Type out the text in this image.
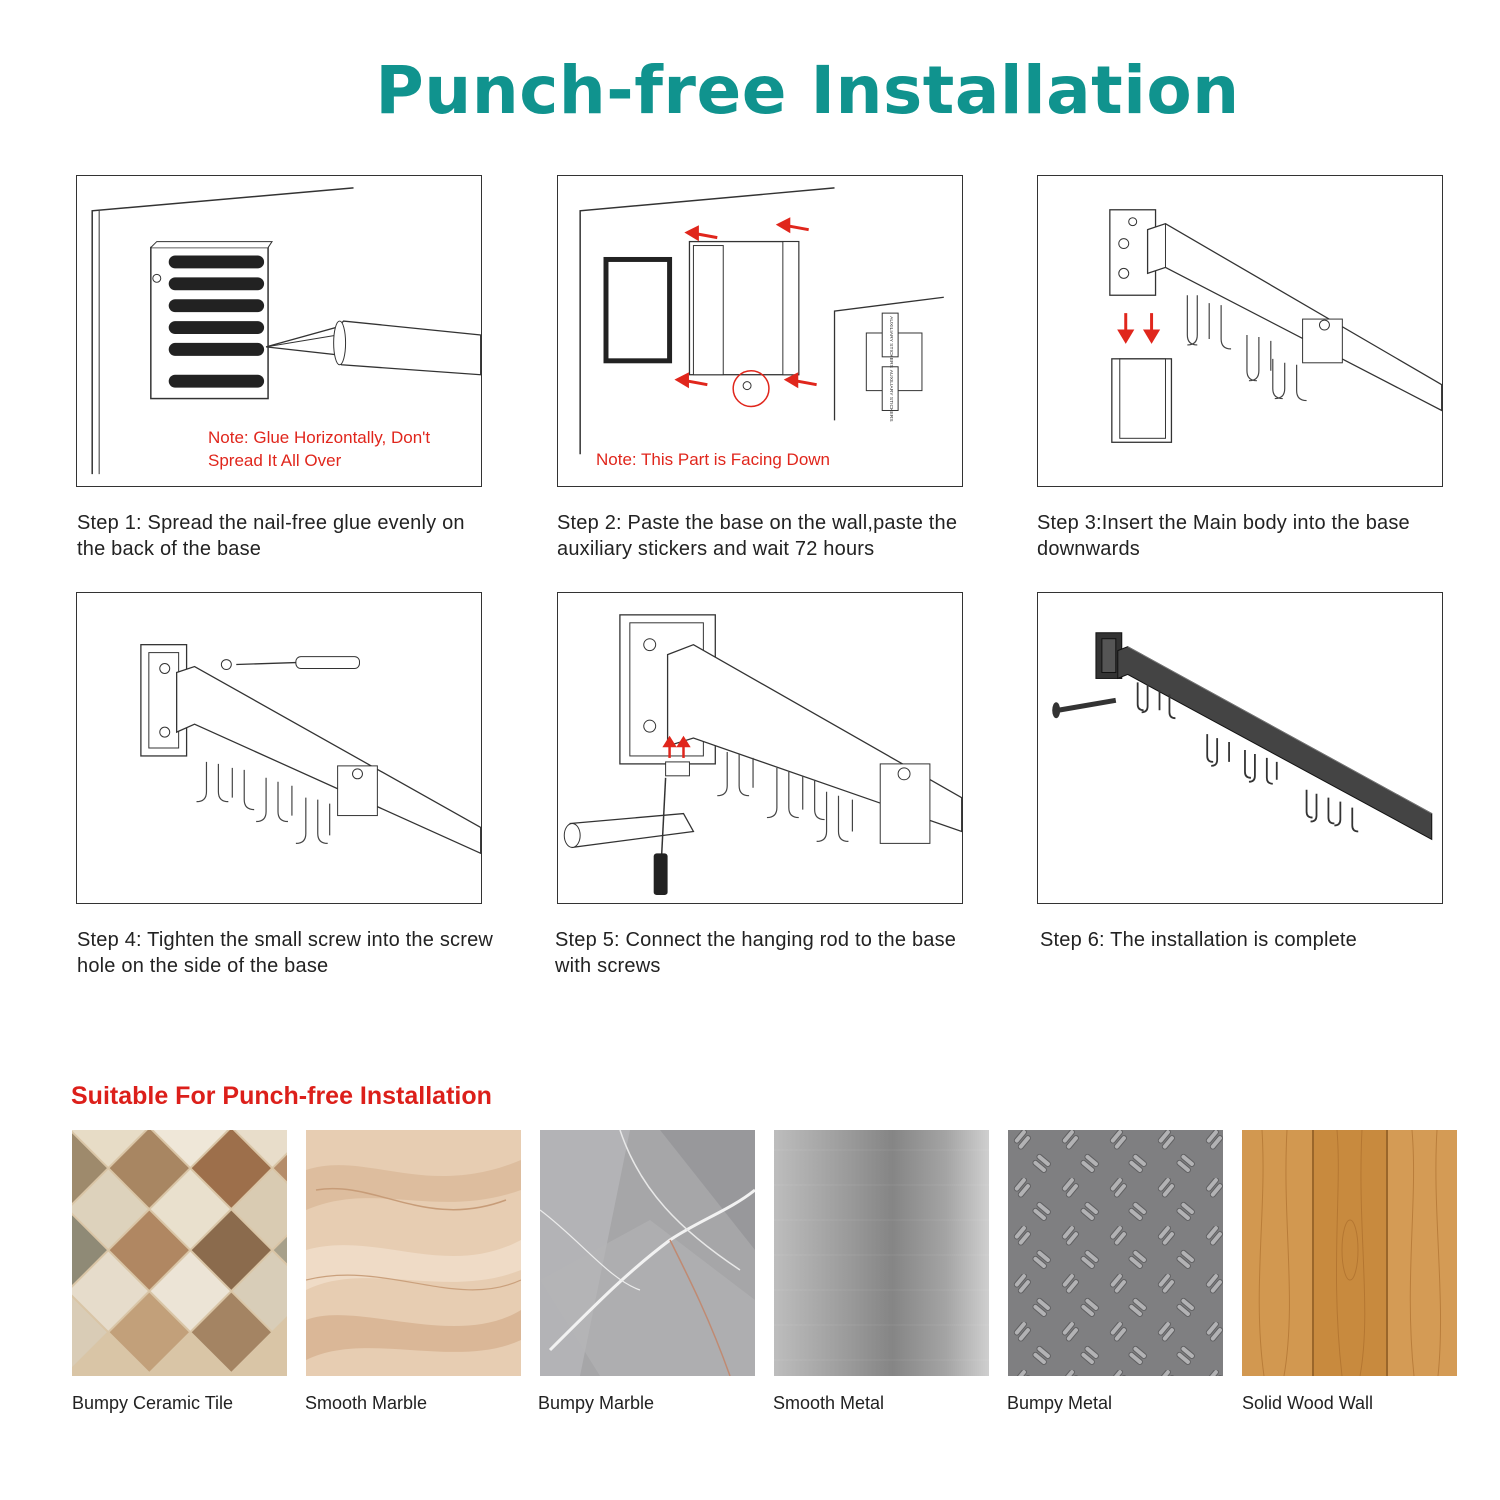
Punch-free Installation
Note: Glue Horizontally, Don't Spread It All Over
Step 1: Spread the nail-free glue evenly on the back of the base
AUXILIARY STICKERS
AUXILIARY STICKERS
Note: This Part is Facing Down
Step 2: Paste the base on the wall,paste the auxiliary stickers and wait 72 hours
Step 3:Insert the Main body into the base downwards
Step 4: Tighten the small screw into the screw hole on the side of the base
Step 5: Connect the hanging rod to the base with screws
Step 6: The installation is complete
Suitable For Punch-free Installation
Bumpy Ceramic Tile	Smooth Marble	Bumpy Marble	Smooth Metal	Bumpy Metal	Solid Wood Wall
